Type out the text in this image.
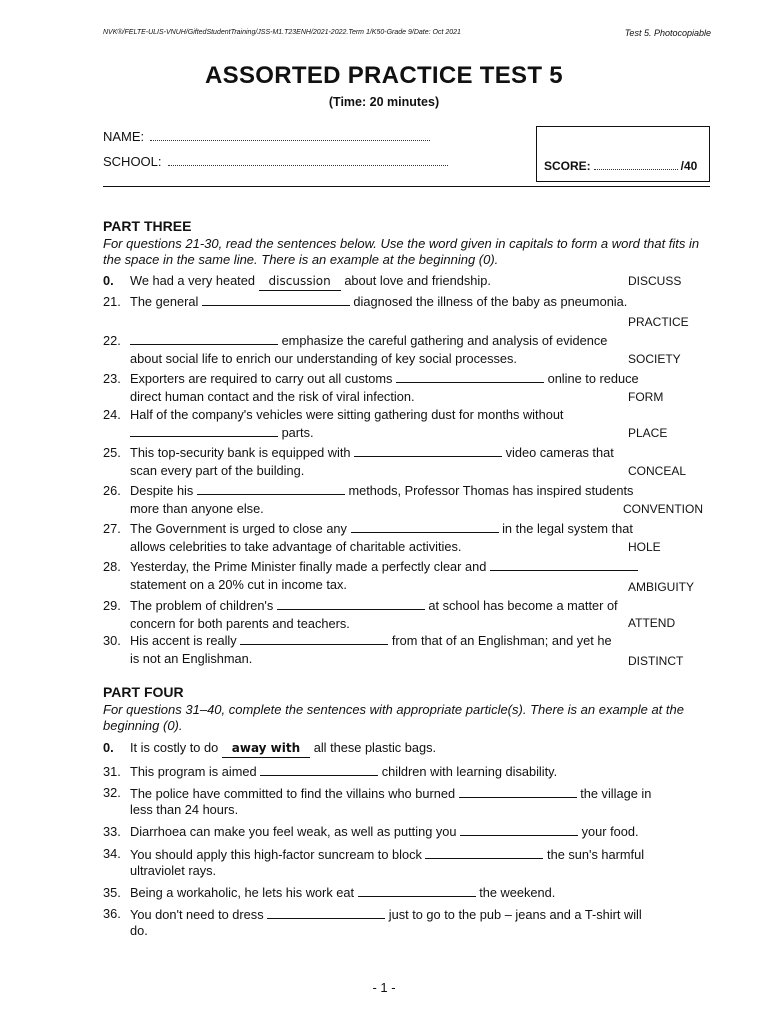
NVK®/FELTE-ULIS-VNUH/GiftedStudentTraining/JSS-M1.T23ENH/2021-2022.Term 1/K50-Grade 9/Date: Oct 2021	Test 5. Photocopiable
ASSORTED PRACTICE TEST 5
(Time: 20 minutes)
NAME:
SCHOOL:	SCORE:	/40
PART THREE
For questions 21-30, read the sentences below. Use the word given in capitals to form a word that fits in the space in the same line. There is an example at the beginning (0).
0. We had a very heated discussion about love and friendship.	DISCUSS
21. The general	diagnosed the illness of the baby as pneumonia.
PRACTICE
22.	emphasize the careful gathering and analysis of evidence
about social life to enrich our understanding of key social processes.	SOCIETY
23. Exporters are required to carry out all customs	online to reduce
direct human contact and the risk of viral infection.	FORM
24. Half of the company's vehicles were sitting gathering dust for months without
parts.	PLACE
25. This top-security bank is equipped with	video cameras that
scan every part of the building.	CONCEAL
26. Despite his	methods, Professor Thomas has inspired students
more than anyone else.	CONVENTION
27. The Government is urged to close any	in the legal system that
allows celebrities to take advantage of charitable activities.	HOLE
28. Yesterday, the Prime Minister finally made a perfectly clear and
statement on a 20% cut in income tax.	AMBIGUITY
29. The problem of children's	at school has become a matter of
concern for both parents and teachers.	ATTEND
30. His accent is really	from that of an Englishman; and yet he
is not an Englishman.	DISTINCT
PART FOUR
For questions 31–40, complete the sentences with appropriate particle(s). There is an example at the beginning (0).
0. It is costly to do away with all these plastic bags.
31. This program is aimed	children with learning disability.
32. The police have committed to find the villains who burned	the village in
less than 24 hours.
33. Diarrhoea can make you feel weak, as well as putting you	your food.
34. You should apply this high-factor suncream to block	the sun's harmful
ultraviolet rays.
35. Being a workaholic, he lets his work eat	the weekend.
36. You don't need to dress	just to go to the pub – jeans and a T-shirt will
do.
- 1 -
